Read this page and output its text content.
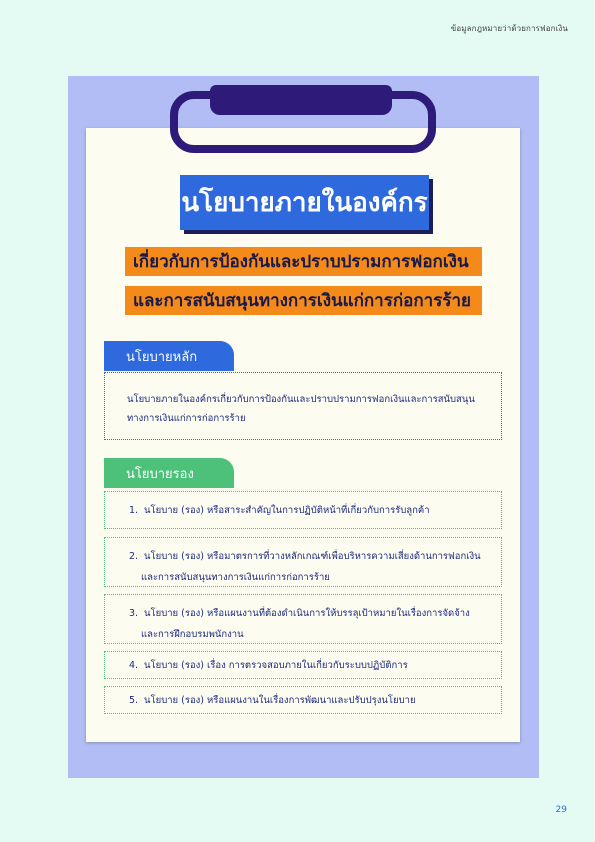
ข้อมูลกฎหมายว่าด้วยการฟอกเงิน
นโยบายภายในองค์กร
เกี่ยวกับการป้องกันและปราบปรามการฟอกเงิน
และการสนับสนุนทางการเงินแก่การก่อการร้าย
นโยบายหลัก
นโยบายภายในองค์กรเกี่ยวกับการป้องกันและปราบปรามการฟอกเงินและการสนับสนุนทางการเงินแก่การก่อการร้าย
นโยบายรอง
1. นโยบาย (รอง) หรือสาระสำคัญในการปฏิบัติหน้าที่เกี่ยวกับการรับลูกค้า
2. นโยบาย (รอง) หรือมาตรการที่วางหลักเกณฑ์เพื่อบริหารความเสี่ยงด้านการฟอกเงิน
และการสนับสนุนทางการเงินแก่การก่อการร้าย
3. นโยบาย (รอง) หรือแผนงานที่ต้องดำเนินการให้บรรลุเป้าหมายในเรื่องการจัดจ้าง
และการฝึกอบรมพนักงาน
4. นโยบาย (รอง) เรื่อง การตรวจสอบภายในเกี่ยวกับระบบปฏิบัติการ
5. นโยบาย (รอง) หรือแผนงานในเรื่องการพัฒนาและปรับปรุงนโยบาย
29
